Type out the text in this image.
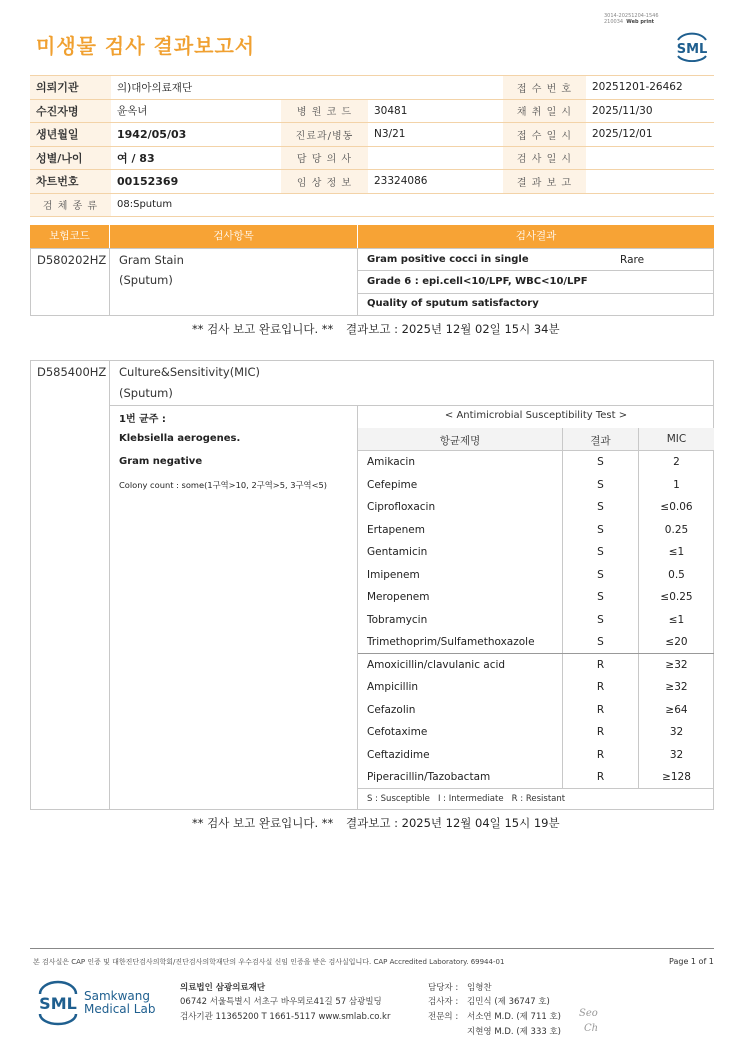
미생물 검사 결과보고서
3014-20251204-1546
210034 Web print
SML
의뢰기관	의)대아의료재단			접 수 번 호	20251201-26462
수진자명	윤옥녀	병 원 코 드	30481	채 취 일 시	2025/11/30
생년월일	1942/05/03	진료과/병동	N3/21	접 수 일 시	2025/12/01
성별/나이	여 / 83	담 당 의 사		검 사 일 시	
차트번호	00152369	임 상 정 보	23324086	결 과 보 고	
검 체 종 류	08:Sputum				
보험코드	검사항목	검사결과
D580202HZ Gram Stain
(Sputum)
Gram positive cocci in single	Rare
Grade 6 : epi.cell<10/LPF, WBC<10/LPF
Quality of sputum satisfactory
** 검사 보고 완료입니다. ** 결과보고 : 2025년 12월 02일 15시 34분
D585400HZ Culture&Sensitivity(MIC)
(Sputum)
1번 균주 :
Klebsiella aerogenes.
Gram negative
Colony count : some(1구역>10, 2구역>5, 3구역<5)
< Antimicrobial Susceptibility Test >
항균제명	결과	MIC
Amikacin	S	2
Cefepime	S	1
Ciprofloxacin	S	≤0.06
Ertapenem	S	0.25
Gentamicin	S	≤1
Imipenem	S	0.5
Meropenem	S	≤0.25
Tobramycin	S	≤1
Trimethoprim/Sulfamethoxazole	S	≤20
Amoxicillin/clavulanic acid	R	≥32
Ampicillin	R	≥32
Cefazolin	R	≥64
Cefotaxime	R	32
Ceftazidime	R	32
Piperacillin/Tazobactam	R	≥128
S : Susceptible   I : Intermediate   R : Resistant
** 검사 보고 완료입니다. ** 결과보고 : 2025년 12월 04일 15시 19분
본 검사실은 CAP 인증 및 대한진단검사의학회/진단검사의학재단의 우수검사실 신임 인증을 받은 검사실입니다. CAP Accredited Laboratory. 69944-01	Page 1 of 1
SML Samkwang
Medical Lab
의료법인 삼광의료재단
06742 서울특별시 서초구 바우뫼로41길 57 삼광빌딩
검사기관 11365200 T 1661-5117 www.smlab.co.kr
담당자 : 임형찬
검사자 : 김민식 (제 36747 호)
전문의 : 서소연 M.D. (제 711 호)
지현영 M.D. (제 333 호)
Seo
Ch
